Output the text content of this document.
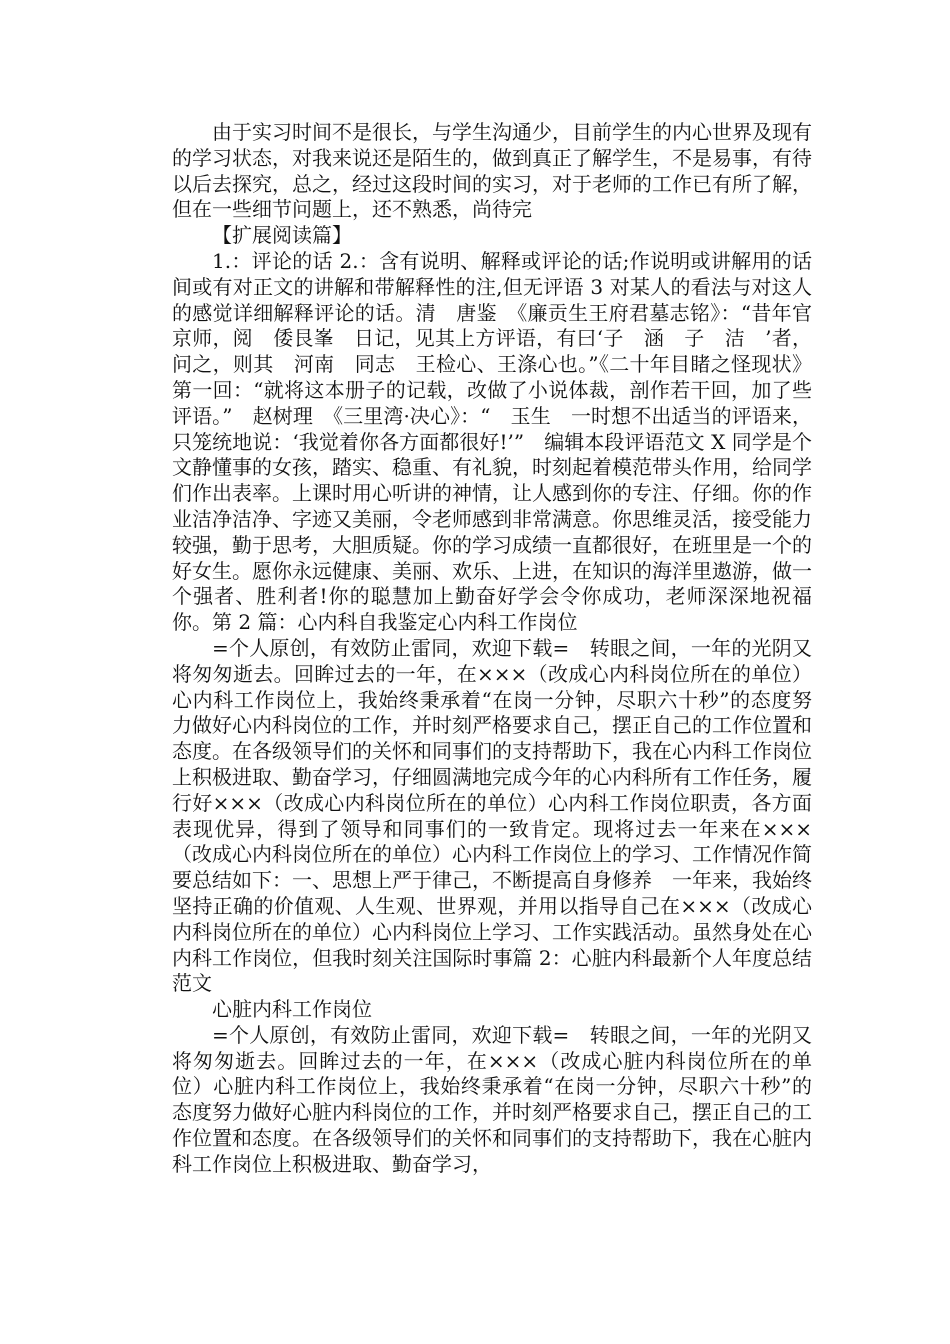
由于实习时间不是很长，与学生沟通少，目前学生的内心世界及现有的学习状态，对我来说还是陌生的，做到真正了解学生，不是易事，有待以后去探究，总之，经过这段时间的实习，对于老师的工作已有所了解，但在一些细节问题上，还不熟悉，尚待完

【扩展阅读篇】

1.：评论的话 2.：含有说明、解释或评论的话;作说明或讲解用的话间或有对正文的讲解和带解释性的注,但无评语 3 对某人的看法与对这人的感觉详细解释评论的话。清　唐鉴　《廉贡生王府君墓志铭》：“昔年官京师，阅　倭艮峯　日记，见其上方评语，有曰‘子　涵　子　洁　’者，问之，则其　河南　同志　王检心、王涤心也。”《二十年目睹之怪现状》第一回：“就将这本册子的记载，改做了小说体裁，剖作若干回，加了些评语。”　赵树理　《三里湾·决心》：“　玉生　一时想不出适当的评语来，只笼统地说：‘我觉着你各方面都很好!’”　编辑本段评语范文 X 同学是个文静懂事的女孩，踏实、稳重、有礼貌，时刻起着模范带头作用，给同学们作出表率。上课时用心听讲的神情，让人感到你的专注、仔细。你的作业洁净洁净、字迹又美丽，令老师感到非常满意。你思维灵活，接受能力较强，勤于思考，大胆质疑。你的学习成绩一直都很好，在班里是一个的好女生。愿你永远健康、美丽、欢乐、上进，在知识的海洋里遨游，做一个强者、胜利者!你的聪慧加上勤奋好学会令你成功，老师深深地祝福你。第 2 篇：心内科自我鉴定心内科工作岗位

=个人原创，有效防止雷同，欢迎下载=　转眼之间，一年的光阴又将匆匆逝去。回眸过去的一年，在×××（改成心内科岗位所在的单位）心内科工作岗位上，我始终秉承着“在岗一分钟，尽职六十秒”的态度努力做好心内科岗位的工作，并时刻严格要求自己，摆正自己的工作位置和态度。在各级领导们的关怀和同事们的支持帮助下，我在心内科工作岗位上积极进取、勤奋学习，仔细圆满地完成今年的心内科所有工作任务，履行好×××（改成心内科岗位所在的单位）心内科工作岗位职责，各方面表现优异，得到了领导和同事们的一致肯定。现将过去一年来在×××（改成心内科岗位所在的单位）心内科工作岗位上的学习、工作情况作简要总结如下：一、思想上严于律己，不断提高自身修养　一年来，我始终坚持正确的价值观、人生观、世界观，并用以指导自己在×××（改成心内科岗位所在的单位）心内科岗位上学习、工作实践活动。虽然身处在心内科工作岗位，但我时刻关注国际时事篇 2：心脏内科最新个人年度总结范文

心脏内科工作岗位

=个人原创，有效防止雷同，欢迎下载=　转眼之间，一年的光阴又将匆匆逝去。回眸过去的一年，在×××（改成心脏内科岗位所在的单位）心脏内科工作岗位上，我始终秉承着“在岗一分钟，尽职六十秒”的态度努力做好心脏内科岗位的工作，并时刻严格要求自己，摆正自己的工作位置和态度。在各级领导们的关怀和同事们的支持帮助下，我在心脏内科工作岗位上积极进取、勤奋学习，
